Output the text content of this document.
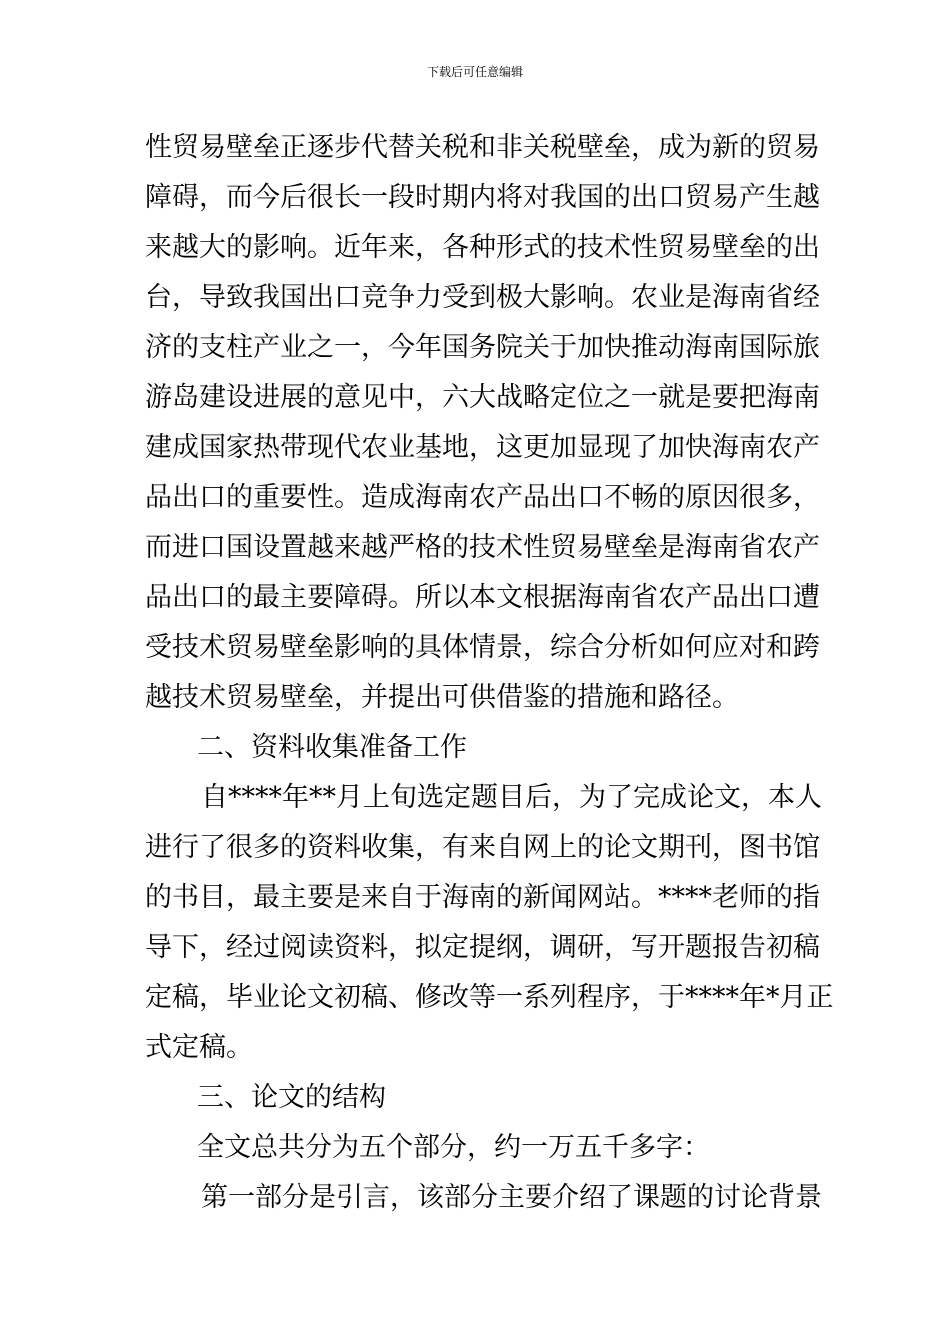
下载后可任意编辑
性贸易壁垒正逐步代替关税和非关税壁垒，成为新的贸易
障碍，而今后很长一段时期内将对我国的出口贸易产生越
来越大的影响。近年来，各种形式的技术性贸易壁垒的出
台，导致我国出口竞争力受到极大影响。农业是海南省经
济的支柱产业之一，今年国务院关于加快推动海南国际旅
游岛建设进展的意见中，六大战略定位之一就是要把海南
建成国家热带现代农业基地，这更加显现了加快海南农产
品出口的重要性。造成海南农产品出口不畅的原因很多，
而进口国设置越来越严格的技术性贸易壁垒是海南省农产
品出口的最主要障碍。所以本文根据海南省农产品出口遭
受技术贸易壁垒影响的具体情景，综合分析如何应对和跨
越技术贸易壁垒，并提出可供借鉴的措施和路径。
二、资料收集准备工作
自****年**月上旬选定题目后，为了完成论文，本人
进行了很多的资料收集，有来自网上的论文期刊，图书馆
的书目，最主要是来自于海南的新闻网站。****老师的指
导下，经过阅读资料，拟定提纲，调研，写开题报告初稿
定稿，毕业论文初稿、修改等一系列程序，于****年*月正
式定稿。
三、论文的结构
全文总共分为五个部分，约一万五千多字：
第一部分是引言，该部分主要介绍了课题的讨论背景
